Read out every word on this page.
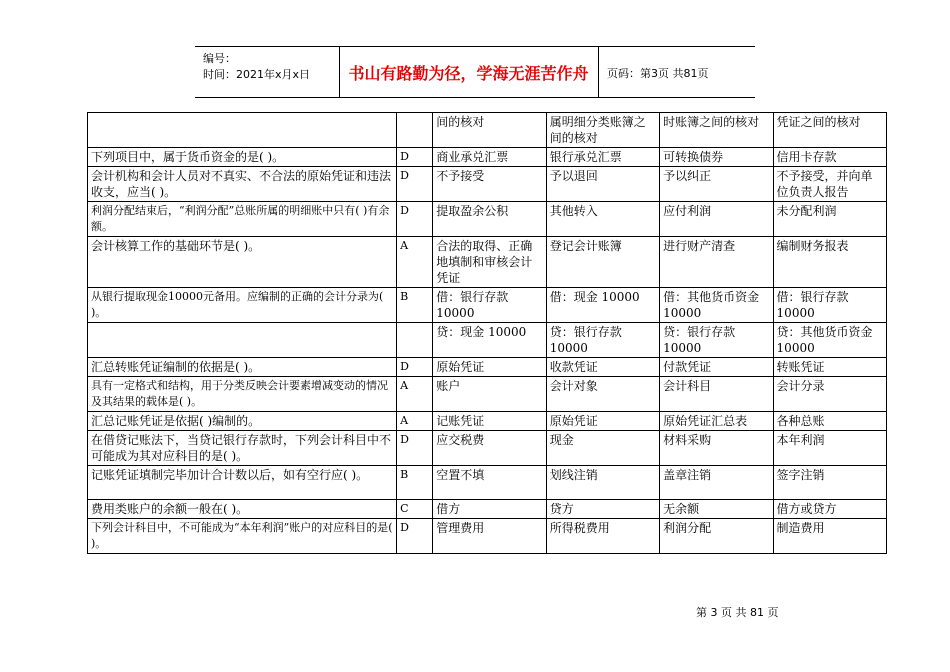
编号：
时间：2021年x月x日	书山有路勤为径，学海无涯苦作舟	页码：第3页 共81页
		间的核对	属明细分类账簿之间的核对	时账簿之间的核对	凭证之间的核对
下列项目中，属于货币资金的是( )。	D	商业承兑汇票	银行承兑汇票	可转换债券	信用卡存款
会计机构和会计人员对不真实、不合法的原始凭证和违法收支，应当( )。	D	不予接受	予以退回	予以纠正	不予接受，并向单位负责人报告
利润分配结束后，“利润分配”总账所属的明细账中只有( )有余额。	D	提取盈余公积	其他转入	应付利润	未分配利润
会计核算工作的基础环节是( )。	A	合法的取得、正确地填制和审核会计凭证	登记会计账簿	进行财产清查	编制财务报表
从银行提取现金10000元备用。应编制的正确的会计分录为( )。	B	借：银行存款10000	借：现金 10000	借：其他货币资金 10000	借：银行存款10000
		贷：现金 10000	贷：银行存款10000	贷：银行存款10000	贷：其他货币资金 10000
汇总转账凭证编制的依据是( )。	D	原始凭证	收款凭证	付款凭证	转账凭证
具有一定格式和结构，用于分类反映会计要素增减变动的情况及其结果的载体是( )。	A	账户	会计对象	会计科目	会计分录
汇总记账凭证是依据( )编制的。	A	记账凭证	原始凭证	原始凭证汇总表	各种总账
在借贷记账法下，当贷记银行存款时，下列会计科目中不可能成为其对应科目的是( )。	D	应交税费	现金	材料采购	本年利润
记账凭证填制完毕加计合计数以后，如有空行应( )。	B	空置不填	划线注销	盖章注销	签字注销
费用类账户的余额一般在( )。	C	借方	贷方	无余额	借方或贷方
下列会计科目中，不可能成为“本年利润”账户的对应科目的是( )。	D	管理费用	所得税费用	利润分配	制造费用
第 3 页 共 81 页
